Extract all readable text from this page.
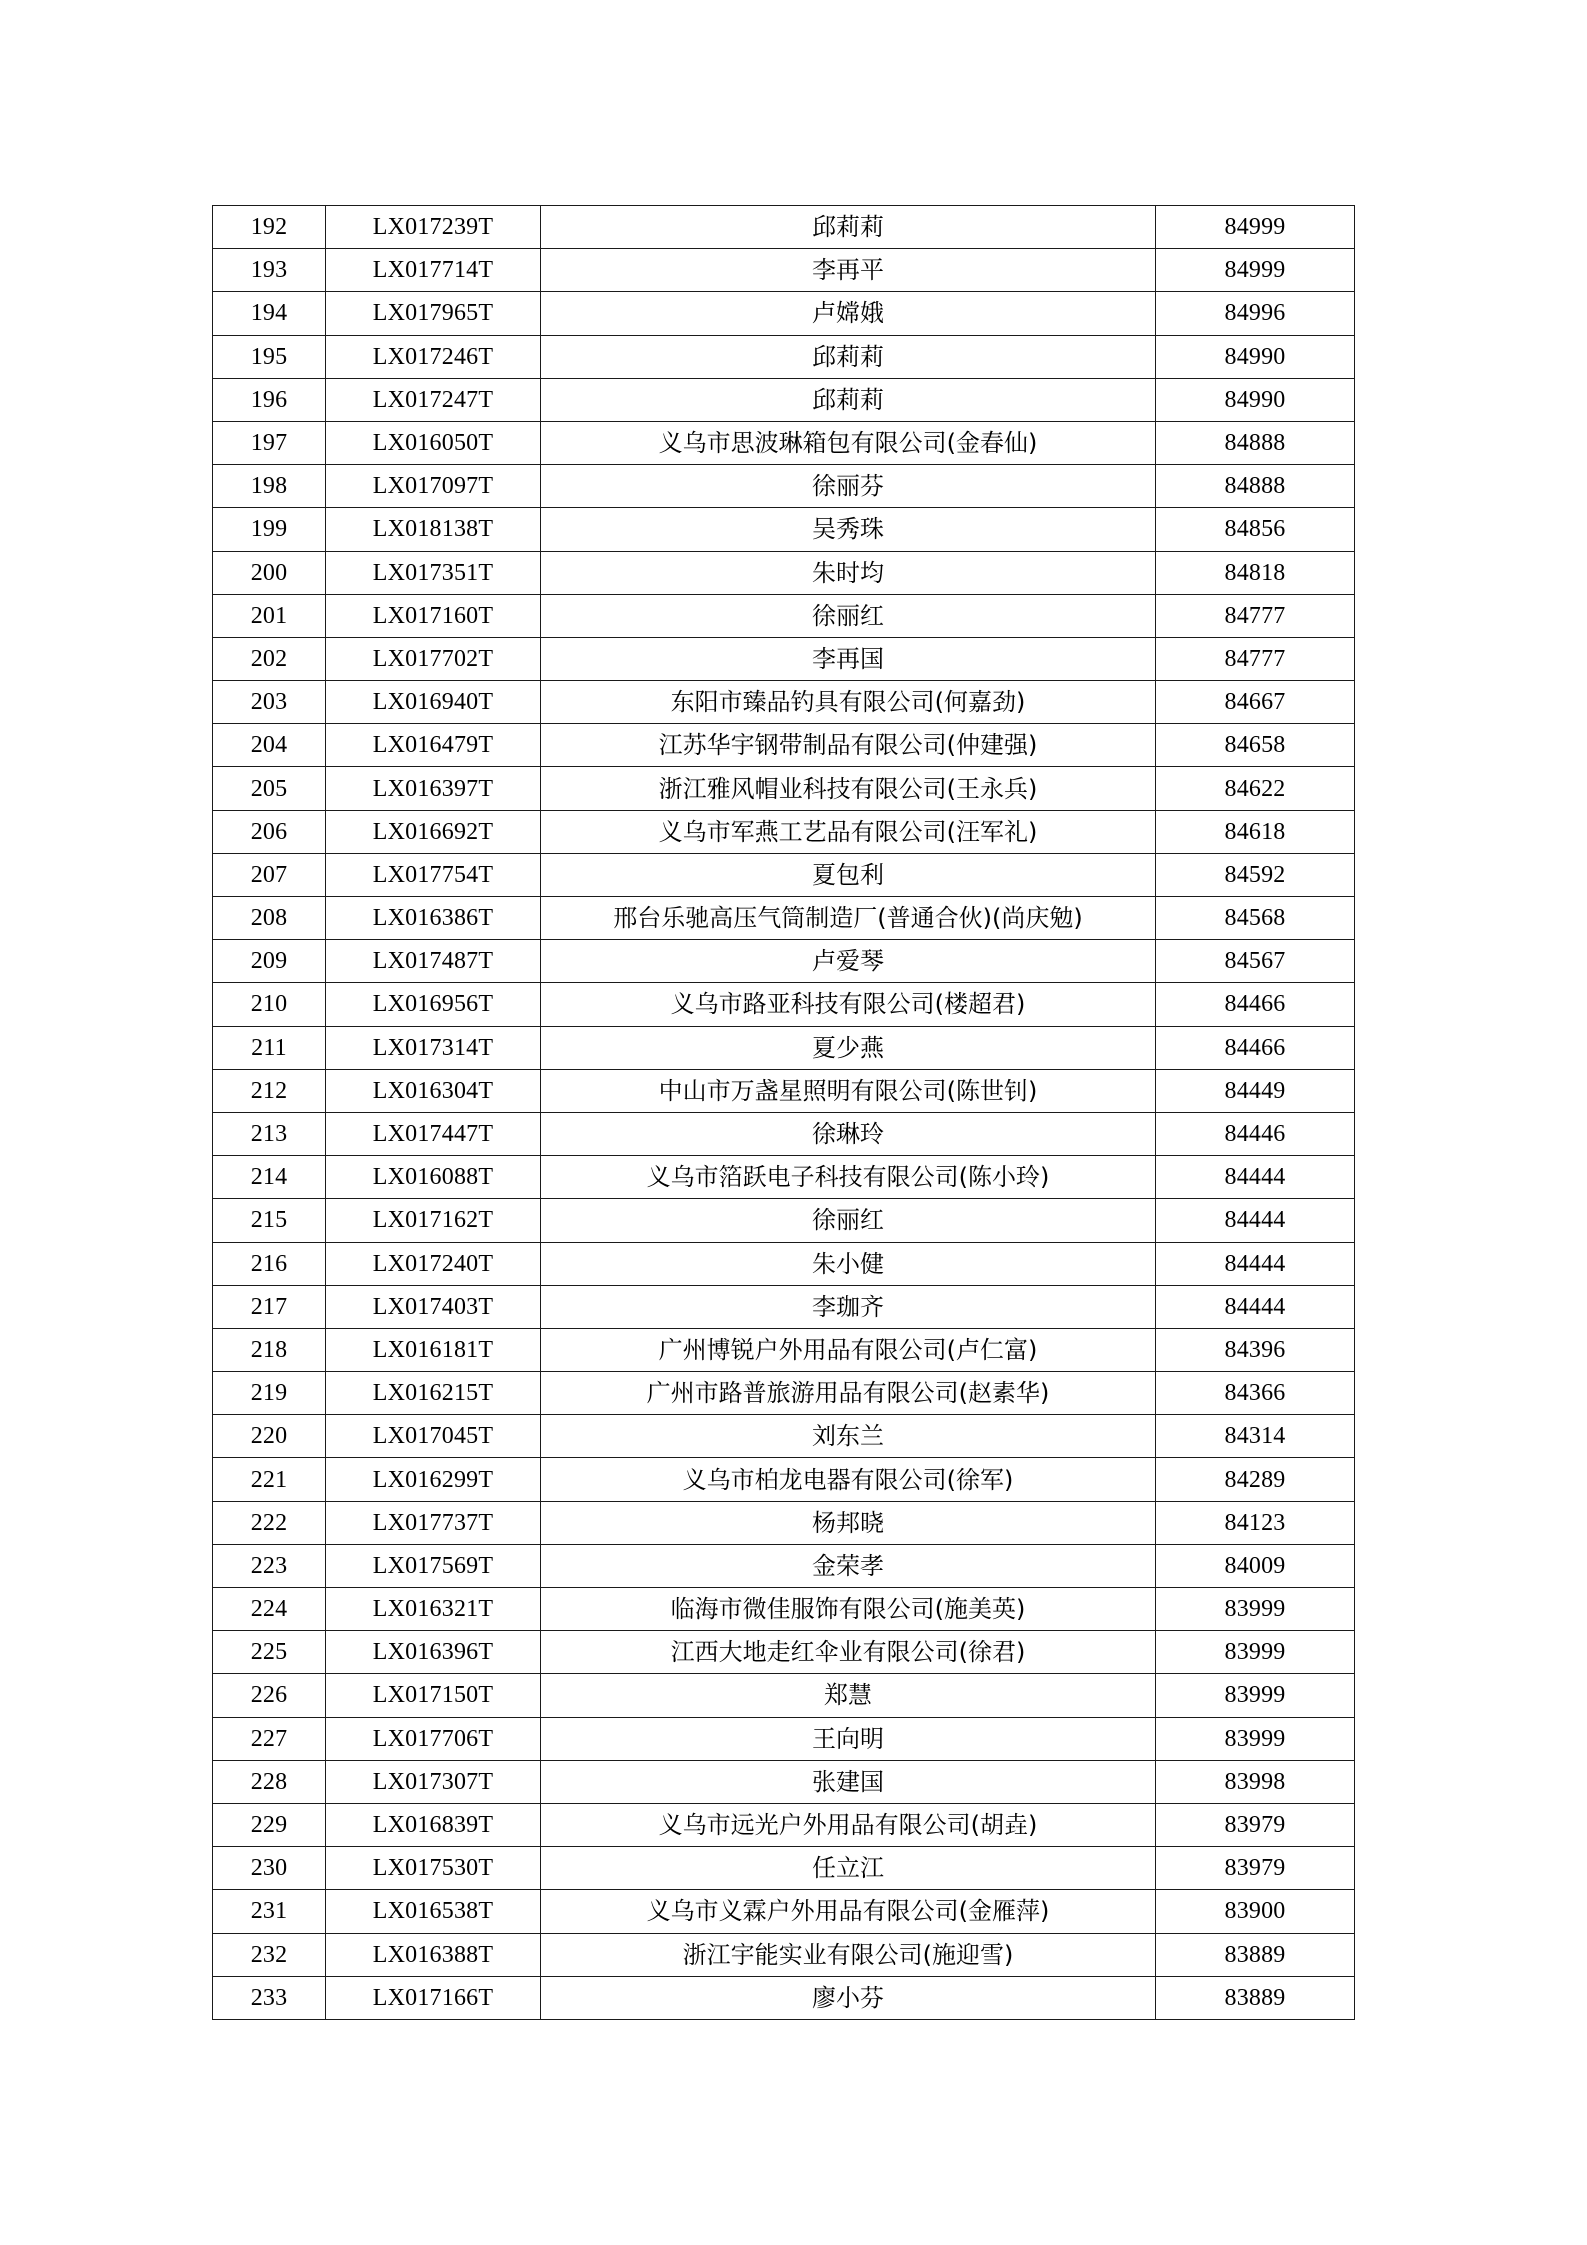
192	LX017239T	邱莉莉	84999
193	LX017714T	李再平	84999
194	LX017965T	卢嫦娥	84996
195	LX017246T	邱莉莉	84990
196	LX017247T	邱莉莉	84990
197	LX016050T	义乌市思波琳箱包有限公司(金春仙)	84888
198	LX017097T	徐丽芬	84888
199	LX018138T	吴秀珠	84856
200	LX017351T	朱时均	84818
201	LX017160T	徐丽红	84777
202	LX017702T	李再国	84777
203	LX016940T	东阳市臻品钓具有限公司(何嘉劲)	84667
204	LX016479T	江苏华宇钢带制品有限公司(仲建强)	84658
205	LX016397T	浙江雅风帽业科技有限公司(王永兵)	84622
206	LX016692T	义乌市军燕工艺品有限公司(汪军礼)	84618
207	LX017754T	夏包利	84592
208	LX016386T	邢台乐驰高压气筒制造厂(普通合伙)(尚庆勉)	84568
209	LX017487T	卢爱琴	84567
210	LX016956T	义乌市路亚科技有限公司(楼超君)	84466
211	LX017314T	夏少燕	84466
212	LX016304T	中山市万盏星照明有限公司(陈世钊)	84449
213	LX017447T	徐琳玲	84446
214	LX016088T	义乌市箔跃电子科技有限公司(陈小玲)	84444
215	LX017162T	徐丽红	84444
216	LX017240T	朱小健	84444
217	LX017403T	李珈齐	84444
218	LX016181T	广州博锐户外用品有限公司(卢仁富)	84396
219	LX016215T	广州市路普旅游用品有限公司(赵素华)	84366
220	LX017045T	刘东兰	84314
221	LX016299T	义乌市柏龙电器有限公司(徐军)	84289
222	LX017737T	杨邦晓	84123
223	LX017569T	金荣孝	84009
224	LX016321T	临海市微佳服饰有限公司(施美英)	83999
225	LX016396T	江西大地走红伞业有限公司(徐君)	83999
226	LX017150T	郑慧	83999
227	LX017706T	王向明	83999
228	LX017307T	张建国	83998
229	LX016839T	义乌市远光户外用品有限公司(胡垚)	83979
230	LX017530T	任立江	83979
231	LX016538T	义乌市义霖户外用品有限公司(金雁萍)	83900
232	LX016388T	浙江宇能实业有限公司(施迎雪)	83889
233	LX017166T	廖小芬	83889
